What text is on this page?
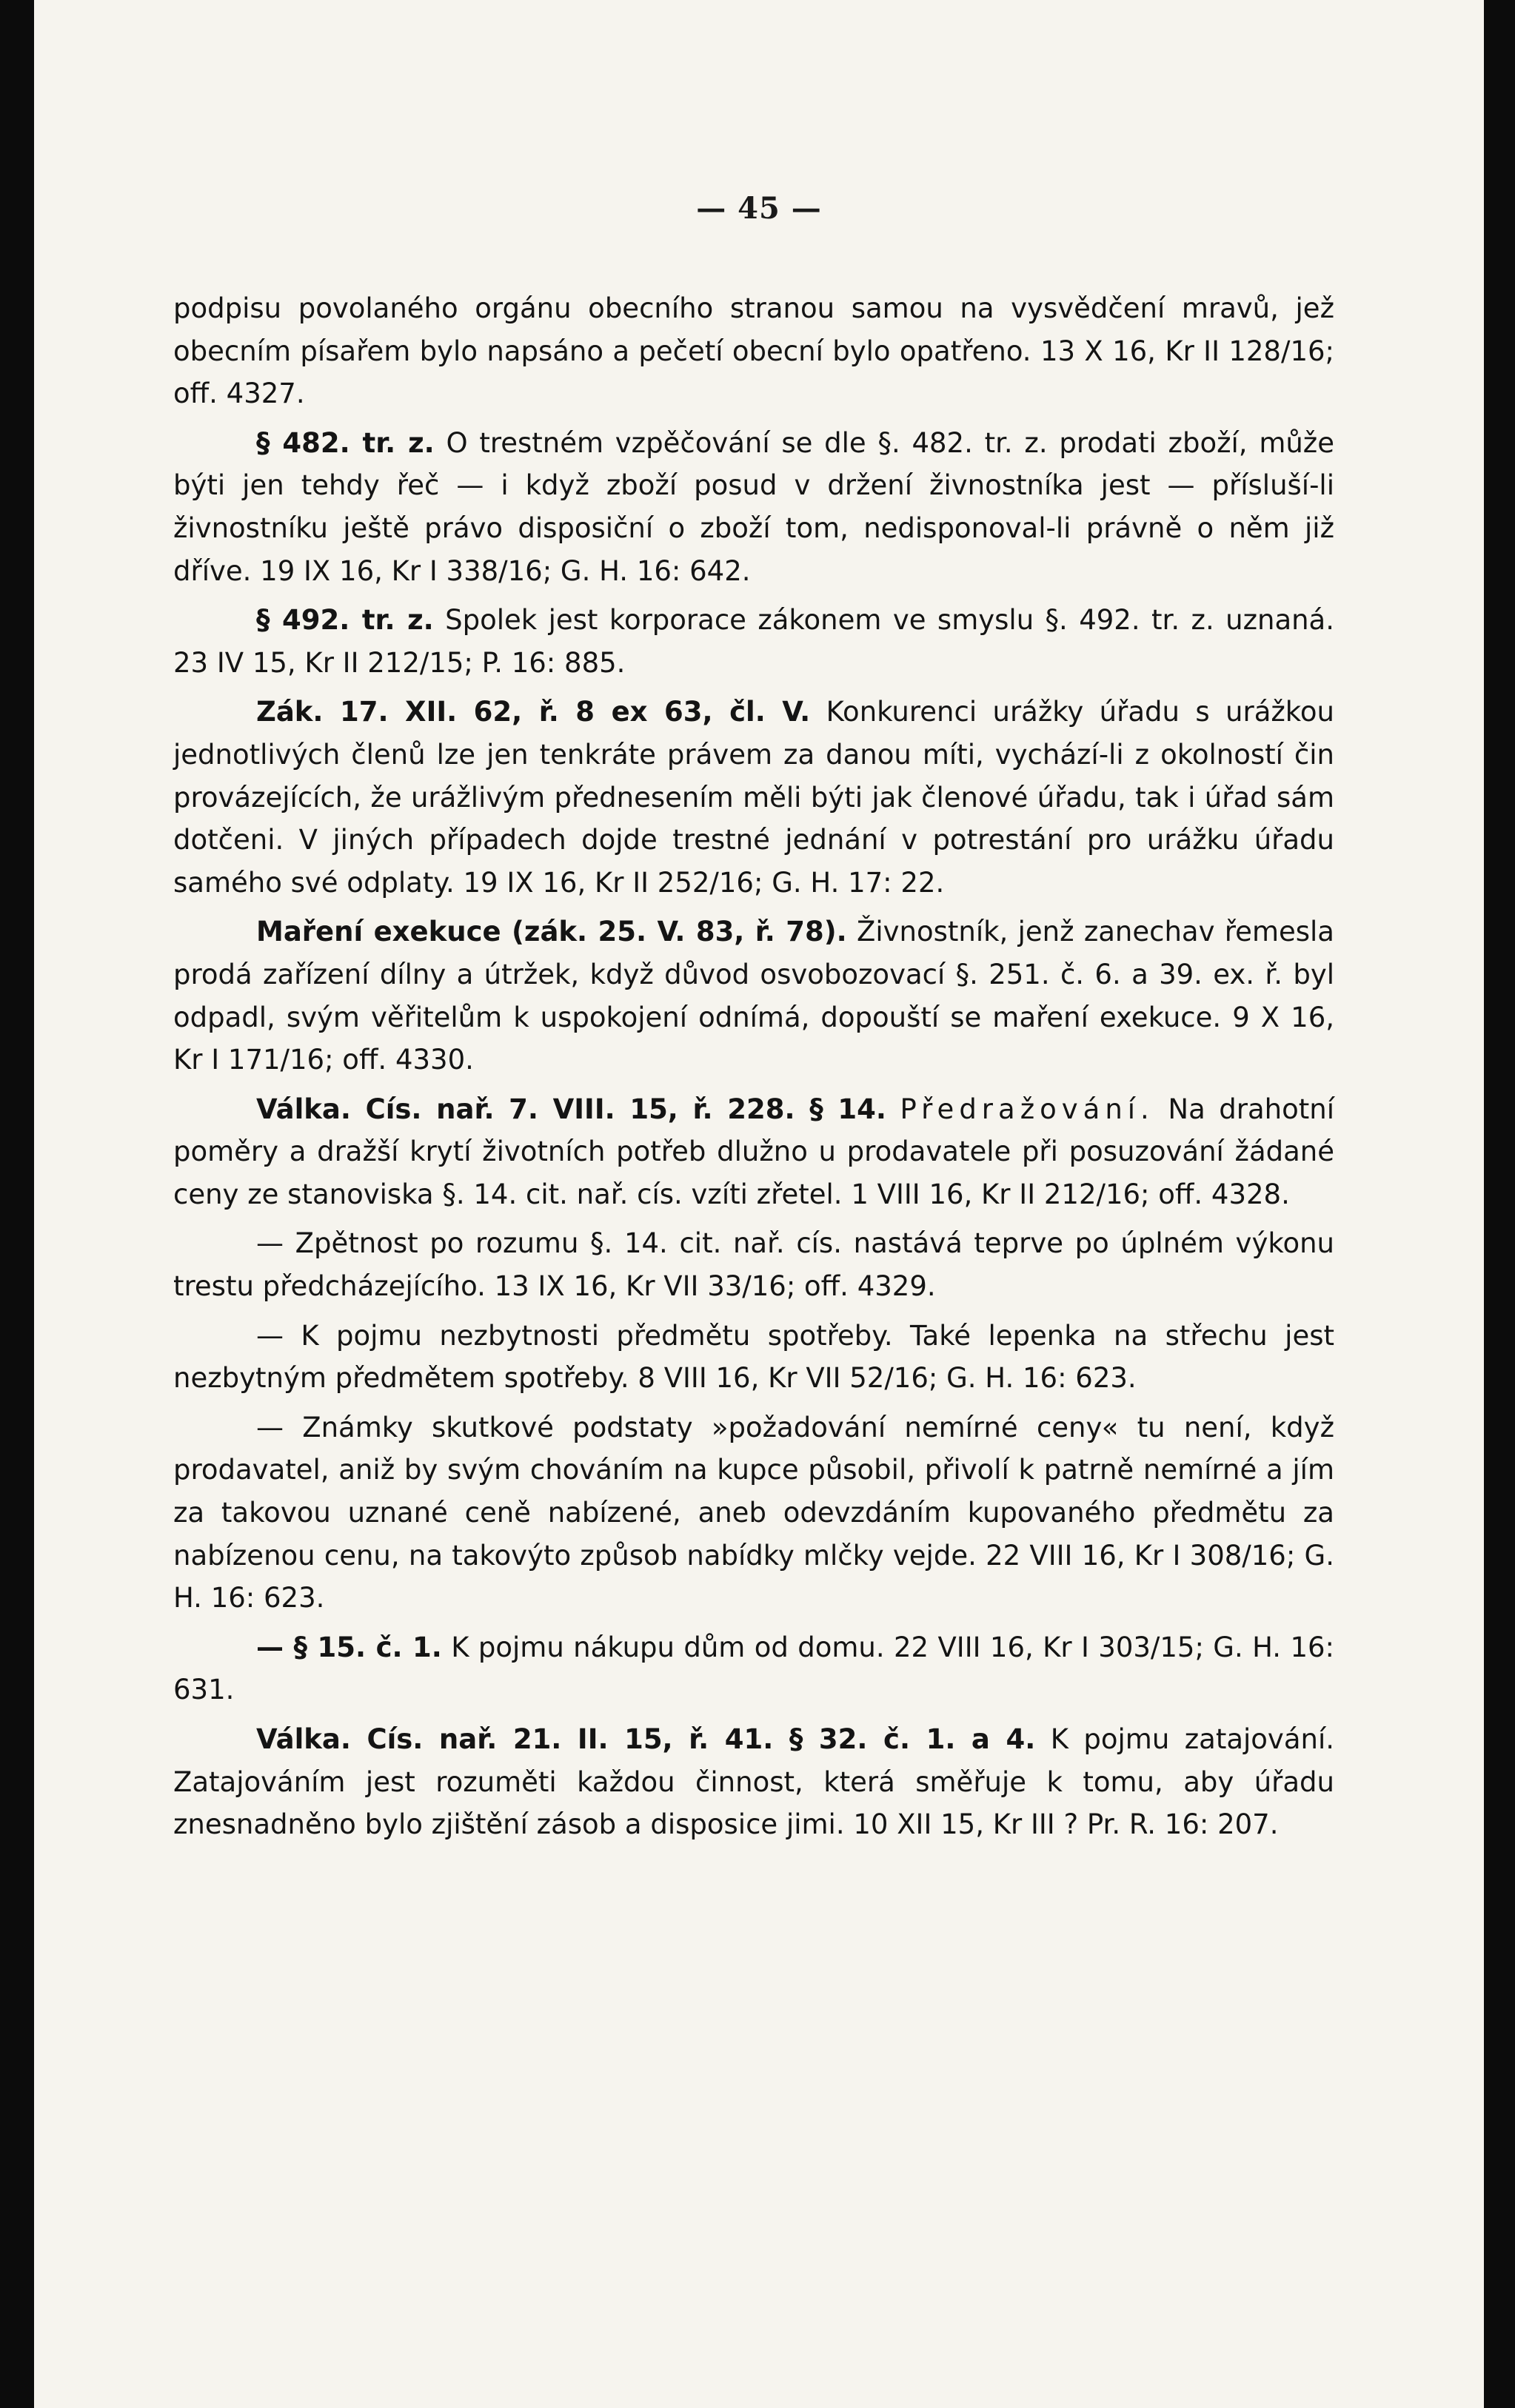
— 45 —

podpisu povolaného orgánu obecního stranou samou na vysvědčení mravů, jež obecním písařem bylo napsáno a pečetí obecní bylo opatřeno. 13 X 16, Kr II 128/16; off. 4327.

§ 482. tr. z. O trestném vzpěčování se dle §. 482. tr. z. prodati zboží, může býti jen tehdy řeč — i když zboží posud v držení živnostníka jest — přísluší-li živnostníku ještě právo disposiční o zboží tom, nedisponoval-li právně o něm již dříve. 19 IX 16, Kr I 338/16; G. H. 16: 642.

§ 492. tr. z. Spolek jest korporace zákonem ve smyslu §. 492. tr. z. uznaná. 23 IV 15, Kr II 212/15; P. 16: 885.

Zák. 17. XII. 62, ř. 8 ex 63, čl. V. Konkurenci urážky úřadu s urážkou jednotlivých členů lze jen tenkráte právem za danou míti, vychází-li z okolností čin provázejících, že urážlivým přednesením měli býti jak členové úřadu, tak i úřad sám dotčeni. V jiných případech dojde trestné jednání v potrestání pro urážku úřadu samého své odplaty. 19 IX 16, Kr II 252/16; G. H. 17: 22.

Maření exekuce (zák. 25. V. 83, ř. 78). Živnostník, jenž zanechav řemesla prodá zařízení dílny a útržek, když důvod osvobozovací §. 251. č. 6. a 39. ex. ř. byl odpadl, svým věřitelům k uspokojení odnímá, dopouští se maření exekuce. 9 X 16, Kr I 171/16; off. 4330.

Válka. Cís. nař. 7. VIII. 15, ř. 228. § 14. Předražování. Na drahotní poměry a dražší krytí životních potřeb dlužno u prodavatele při posuzování žádané ceny ze stanoviska §. 14. cit. nař. cís. vzíti zřetel. 1 VIII 16, Kr II 212/16; off. 4328.

— Zpětnost po rozumu §. 14. cit. nař. cís. nastává teprve po úplném výkonu trestu předcházejícího. 13 IX 16, Kr VII 33/16; off. 4329.

— K pojmu nezbytnosti předmětu spotřeby. Také lepenka na střechu jest nezbytným předmětem spotřeby. 8 VIII 16, Kr VII 52/16; G. H. 16: 623.

— Známky skutkové podstaty »požadování nemírné ceny« tu není, když prodavatel, aniž by svým chováním na kupce působil, přivolí k patrně nemírné a jím za takovou uznané ceně nabízené, aneb odevzdáním kupovaného předmětu za nabízenou cenu, na takovýto způsob nabídky mlčky vejde. 22 VIII 16, Kr I 308/16; G. H. 16: 623.

— § 15. č. 1. K pojmu nákupu dům od domu. 22 VIII 16, Kr I 303/15; G. H. 16: 631.

Válka. Cís. nař. 21. II. 15, ř. 41. § 32. č. 1. a 4. K pojmu zatajování. Zatajováním jest rozuměti každou činnost, která směřuje k tomu, aby úřadu znesnadněno bylo zjištění zásob a disposice jimi. 10 XII 15, Kr III ? Pr. R. 16: 207.
